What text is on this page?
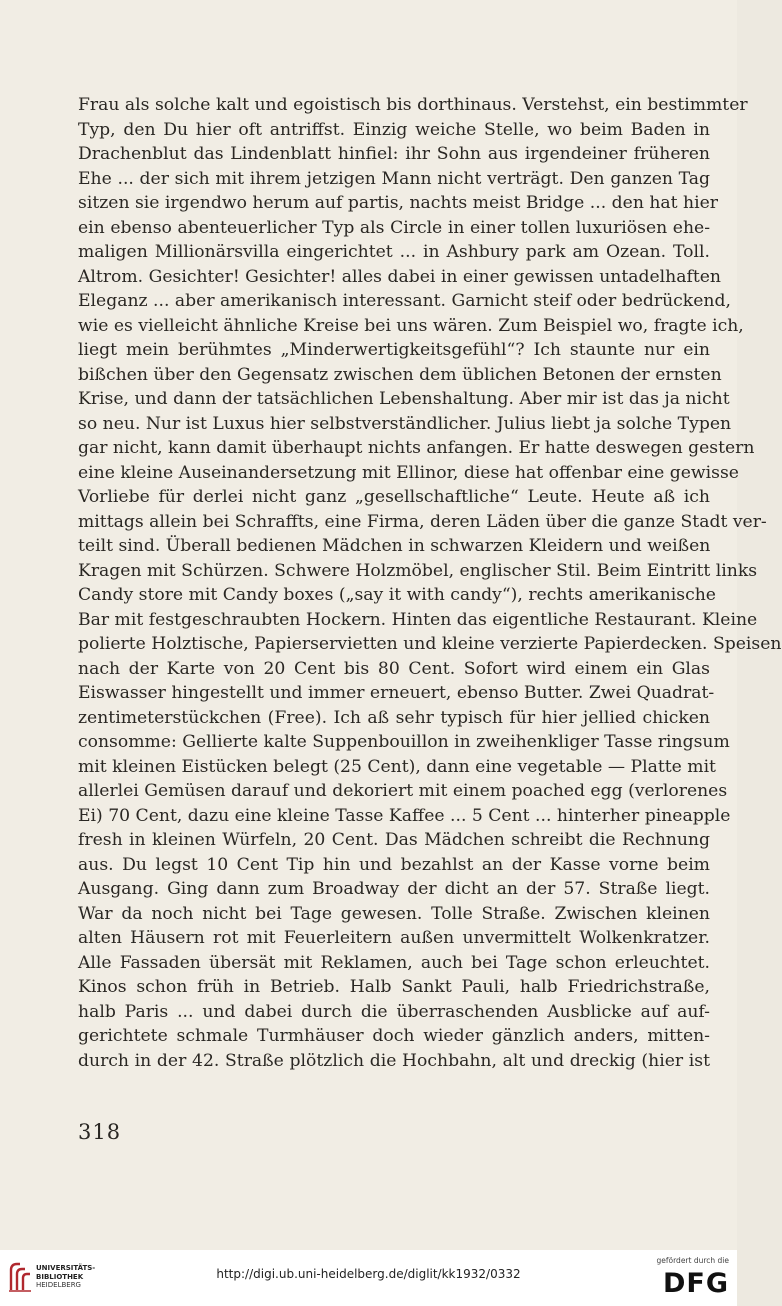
Frau als solche kalt und egoistisch bis dorthinaus. Verstehst, ein bestimmter
Typ, den Du hier oft antriffst. Einzig weiche Stelle, wo beim Baden in
Drachenblut das Lindenblatt hinfiel: ihr Sohn aus irgendeiner früheren
Ehe ... der sich mit ihrem jetzigen Mann nicht verträgt. Den ganzen Tag
sitzen sie irgendwo herum auf partis, nachts meist Bridge ... den hat hier
ein ebenso abenteuerlicher Typ als Circle in einer tollen luxuriösen ehe-
maligen Millionärsvilla eingerichtet ... in Ashbury park am Ozean. Toll.
Altrom. Gesichter! Gesichter! alles dabei in einer gewissen untadelhaften
Eleganz ... aber amerikanisch interessant. Garnicht steif oder bedrückend,
wie es vielleicht ähnliche Kreise bei uns wären. Zum Beispiel wo, fragte ich,
liegt mein berühmtes „Minderwertigkeitsgefühl“? Ich staunte nur ein
bißchen über den Gegensatz zwischen dem üblichen Betonen der ernsten
Krise, und dann der tatsächlichen Lebenshaltung. Aber mir ist das ja nicht
so neu. Nur ist Luxus hier selbstverständlicher. Julius liebt ja solche Typen
gar nicht, kann damit überhaupt nichts anfangen. Er hatte deswegen gestern
eine kleine Auseinandersetzung mit Ellinor, diese hat offenbar eine gewisse
Vorliebe für derlei nicht ganz „gesellschaftliche“ Leute. Heute aß ich
mittags allein bei Schraffts, eine Firma, deren Läden über die ganze Stadt ver-
teilt sind. Überall bedienen Mädchen in schwarzen Kleidern und weißen
Kragen mit Schürzen. Schwere Holzmöbel, englischer Stil. Beim Eintritt links
Candy store mit Candy boxes („say it with candy“), rechts amerikanische
Bar mit festgeschraubten Hockern. Hinten das eigentliche Restaurant. Kleine
polierte Holztische, Papierservietten und kleine verzierte Papierdecken. Speisen
nach der Karte von 20 Cent bis 80 Cent. Sofort wird einem ein Glas
Eiswasser hingestellt und immer erneuert, ebenso Butter. Zwei Quadrat-
zentimeterstückchen (Free). Ich aß sehr typisch für hier jellied chicken
consomme: Gellierte kalte Suppenbouillon in zweihenkliger Tasse ringsum
mit kleinen Eistücken belegt (25 Cent), dann eine vegetable — Platte mit
allerlei Gemüsen darauf und dekoriert mit einem poached egg (verlorenes
Ei) 70 Cent, dazu eine kleine Tasse Kaffee ... 5 Cent ... hinterher pineapple
fresh in kleinen Würfeln, 20 Cent. Das Mädchen schreibt die Rechnung
aus. Du legst 10 Cent Tip hin und bezahlst an der Kasse vorne beim
Ausgang. Ging dann zum Broadway der dicht an der 57. Straße liegt.
War da noch nicht bei Tage gewesen. Tolle Straße. Zwischen kleinen
alten Häusern rot mit Feuerleitern außen unvermittelt Wolkenkratzer.
Alle Fassaden übersät mit Reklamen, auch bei Tage schon erleuchtet.
Kinos schon früh in Betrieb. Halb Sankt Pauli, halb Friedrichstraße,
halb Paris ... und dabei durch die überraschenden Ausblicke auf auf-
gerichtete schmale Turmhäuser doch wieder gänzlich anders, mitten-
durch in der 42. Straße plötzlich die Hochbahn, alt und dreckig (hier ist
318
UNIVERSITÄTS-
BIBLIOTHEK
HEIDELBERG
http://digi.ub.uni-heidelberg.de/diglit/kk1932/0332
gefördert durch die
DFG
